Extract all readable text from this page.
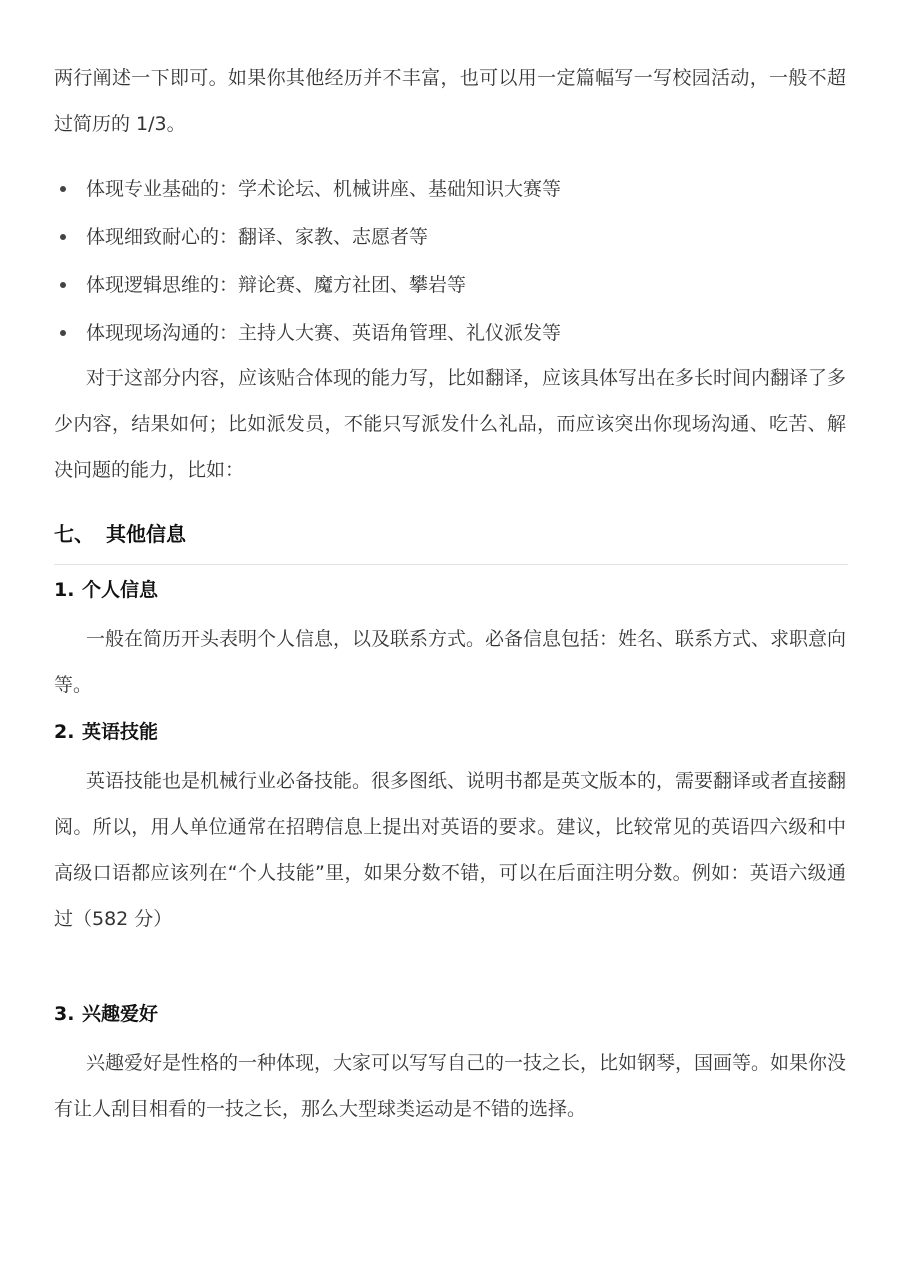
两行阐述一下即可。如果你其他经历并不丰富，也可以用一定篇幅写一写校园活动，一般不超过简历的 1/3。

体现专业基础的：学术论坛、机械讲座、基础知识大赛等
体现细致耐心的：翻译、家教、志愿者等
体现逻辑思维的：辩论赛、魔方社团、攀岩等
体现现场沟通的：主持人大赛、英语角管理、礼仪派发等

对于这部分内容，应该贴合体现的能力写，比如翻译，应该具体写出在多长时间内翻译了多少内容，结果如何；比如派发员，不能只写派发什么礼品，而应该突出你现场沟通、吃苦、解决问题的能力，比如：

七、 其他信息
1. 个人信息

一般在简历开头表明个人信息，以及联系方式。必备信息包括：姓名、联系方式、求职意向等。

2. 英语技能

英语技能也是机械行业必备技能。很多图纸、说明书都是英文版本的，需要翻译或者直接翻阅。所以，用人单位通常在招聘信息上提出对英语的要求。建议，比较常见的英语四六级和中高级口语都应该列在“个人技能”里，如果分数不错，可以在后面注明分数。例如：英语六级通过（582 分）

3. 兴趣爱好

兴趣爱好是性格的一种体现，大家可以写写自己的一技之长，比如钢琴，国画等。如果你没有让人刮目相看的一技之长，那么大型球类运动是不错的选择。
